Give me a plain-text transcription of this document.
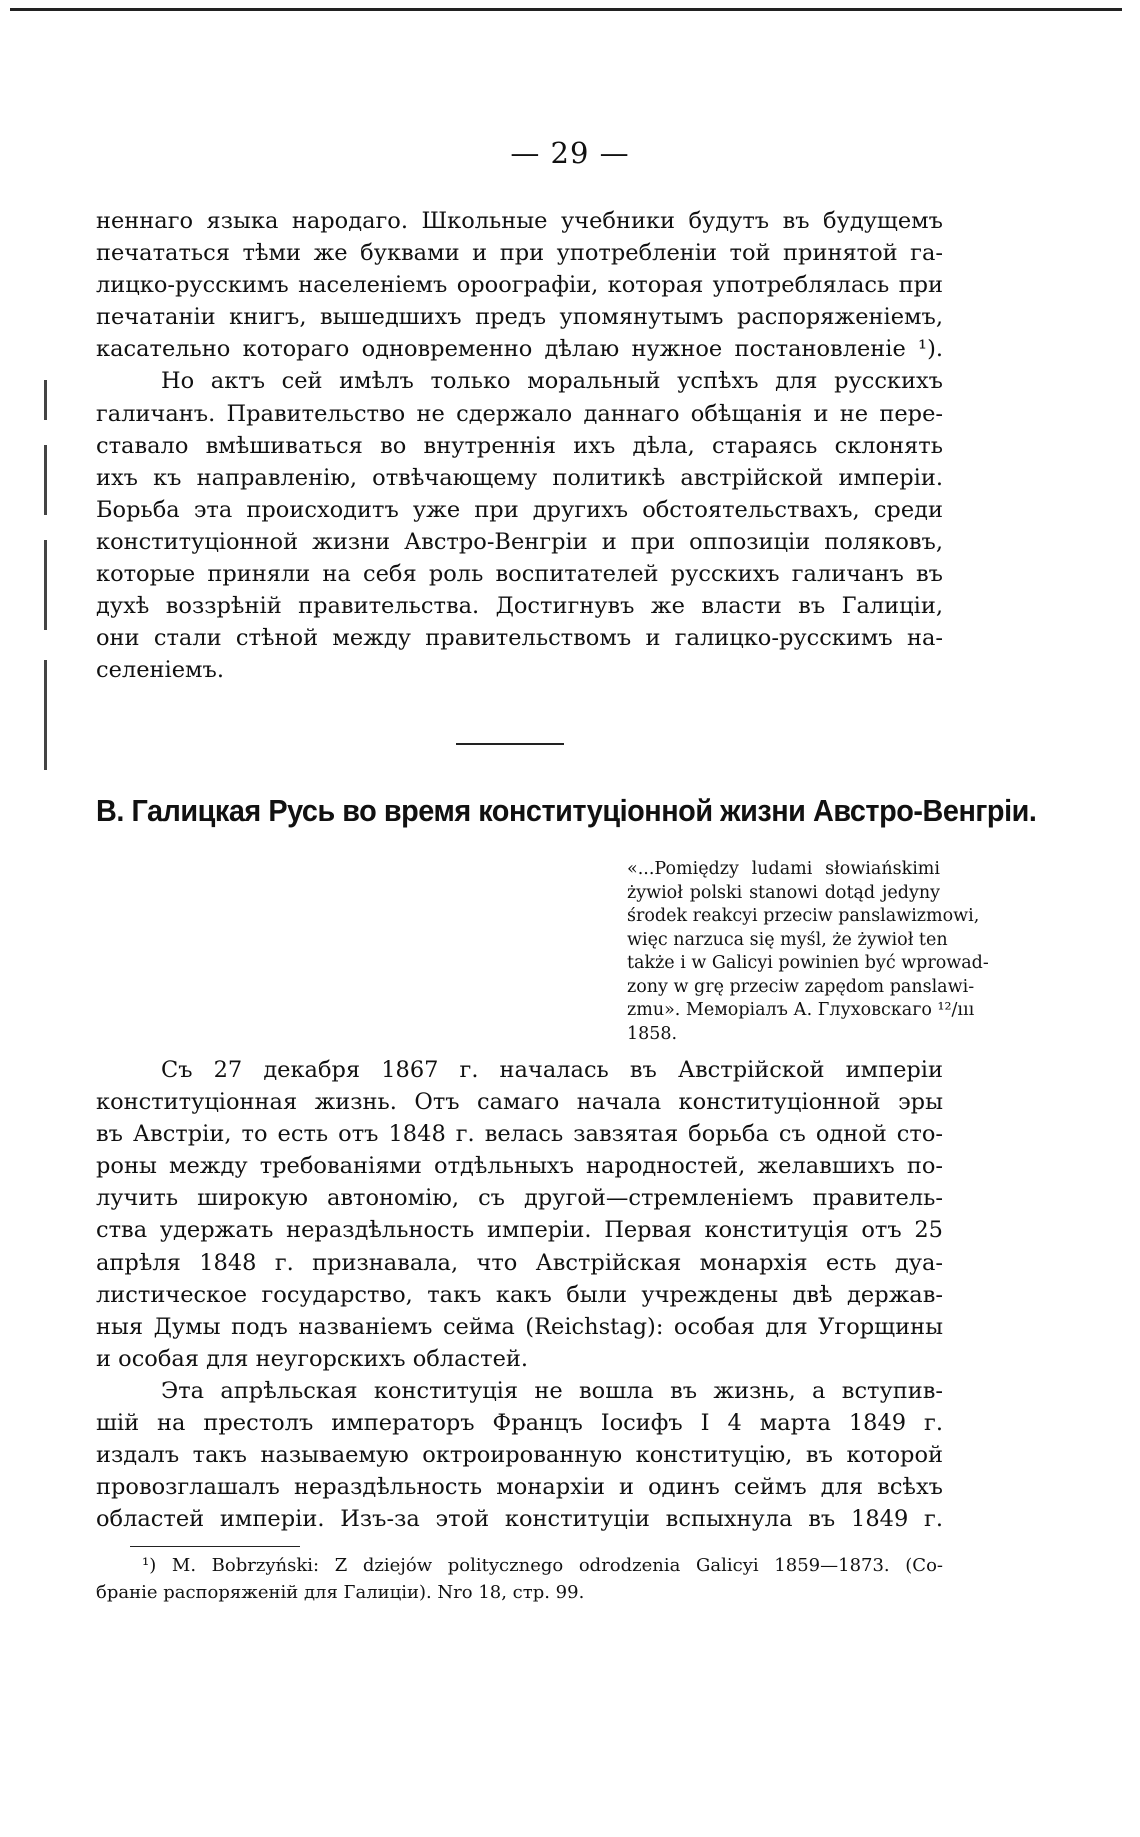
— 29 —
неннаго языка народаго. Школьные учебники будутъ въ будущемъ
печататься тѣми же буквами и при употребленіи той принятой га-
лицко-русскимъ населеніемъ ороографіи, которая употреблялась при
печатаніи книгъ, вышедшихъ предъ упомянутымъ распоряженіемъ,
касательно котораго одновременно дѣлаю нужное постановленіе ¹).
Но актъ сей имѣлъ только моральный успѣхъ для русскихъ
галичанъ. Правительство не сдержало даннаго обѣщанія и не пере-
ставало вмѣшиваться во внутреннія ихъ дѣла, стараясь склонять
ихъ къ направленію, отвѣчающему политикѣ австрійской имперіи.
Борьба эта происходитъ уже при другихъ обстоятельствахъ, среди
конституціонной жизни Австро-Венгріи и при оппозиціи поляковъ,
которые приняли на себя роль воспитателей русскихъ галичанъ въ
духѣ воззрѣній правительства. Достигнувъ же власти въ Галиціи,
они стали стѣной между правительствомъ и галицко-русскимъ на-
селеніемъ.
В. Галицкая Русь во время конституціонной жизни Австро-Венгріи.
«...Pomiędzy ludami słowiańskimi
żywioł polski stanowi dotąd jedyny
środek reakcyi przeciw panslawizmowi,
więc narzuca się myśl, że żywioł ten
także i w Galicyi powinien być wprowad-
zony w grę przeciw zapędom panslawi-
zmu». Меморіалъ А. Глуховскаго ¹²/ııı
1858.
Съ 27 декабря 1867 г. началась въ Австрійской имперіи
конституціонная жизнь. Отъ самаго начала конституціонной эры
въ Австріи, то есть отъ 1848 г. велась завзятая борьба съ одной сто-
роны между требованіями отдѣльныхъ народностей, желавшихъ по-
лучить широкую автономію, съ другой—стремленіемъ правитель-
ства удержать нераздѣльность имперіи. Первая конституція отъ 25
апрѣля 1848 г. признавала, что Австрійская монархія есть дуа-
листическое государство, такъ какъ были учреждены двѣ держав-
ныя Думы подъ названіемъ сейма (Reichstag): особая для Угорщины
и особая для неугорскихъ областей.
Эта апрѣльская конституція не вошла въ жизнь, а вступив-
шій на престолъ императоръ Францъ Іосифъ I 4 марта 1849 г.
издалъ такъ называемую октроированную конституцію, въ которой
провозглашалъ нераздѣльность монархіи и одинъ сеймъ для всѣхъ
областей имперіи. Изъ-за этой конституціи вспыхнула въ 1849 г.
¹) M. Bobrzyński: Z dziejów politycznego odrodzenia Galicyi 1859—1873. (Со-
браніе распоряженій для Галиціи). Nro 18, стр. 99.
